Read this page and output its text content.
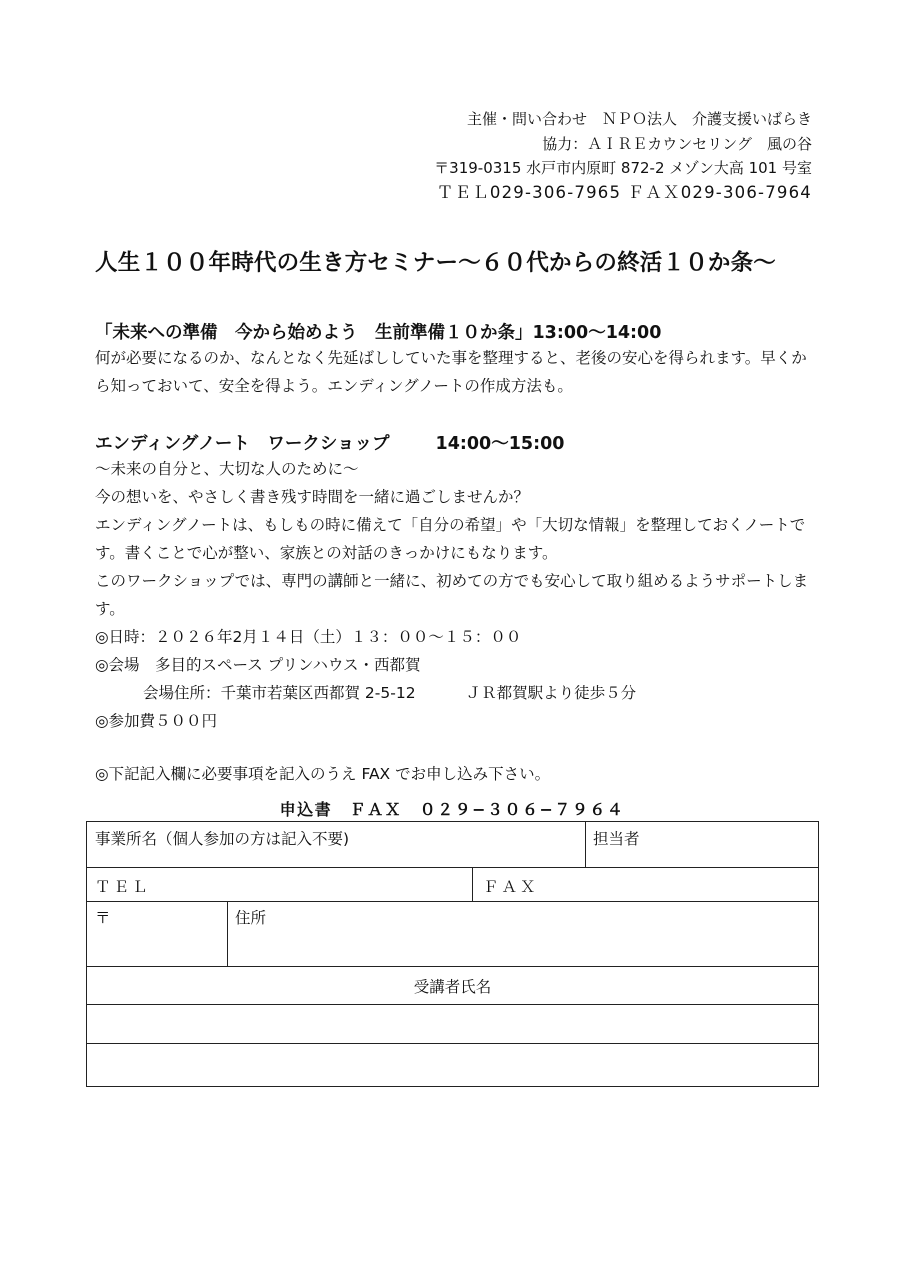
主催・問い合わせ　ＮＰＯ法人　介護支援いばらき
協力：ＡＩＲＥカウンセリング　風の谷
〒319-0315 水戸市内原町 872-2 メゾン大高 101 号室
ＴＥＬ029-306-7965 ＦＡＸ029-306-7964
人生１００年時代の生き方セミナー～６０代からの終活１０か条～
「未来への準備　今から始めよう　生前準備１０か条」13:00～14:00
何が必要になるのか、なんとなく先延ばししていた事を整理すると、老後の安心を得られます。早くから知っておいて、安全を得よう。エンディングノートの作成方法も。
エンディングノート　ワークショップ	14:00～15:00

～未来の自分と、大切な人のために～

今の想いを、やさしく書き残す時間を一緒に過ごしませんか？

エンディングノートは、もしもの時に備えて「自分の希望」や「大切な情報」を整理しておくノートです。書くことで心が整い、家族との対話のきっかけにもなります。

このワークショップでは、専門の講師と一緒に、初めての方でも安心して取り組めるようサポートします。

◎日時：２０２６年2月１４日（土）１３：００～１５：００

◎会場　多目的スペース プリンハウス・西都賀

会場住所：千葉市若葉区西都賀 2-5-12	ＪＲ都賀駅より徒歩５分

◎参加費５００円

◎下記記入欄に必要事項を記入のうえ FAX でお申し込み下さい。
申込書　ＦＡＸ　０２９−３０６−７９６４
事業所名（個人参加の方は記入不要)	担当者
ＴＥＬ	ＦＡＸ
〒	住所
受講者氏名
